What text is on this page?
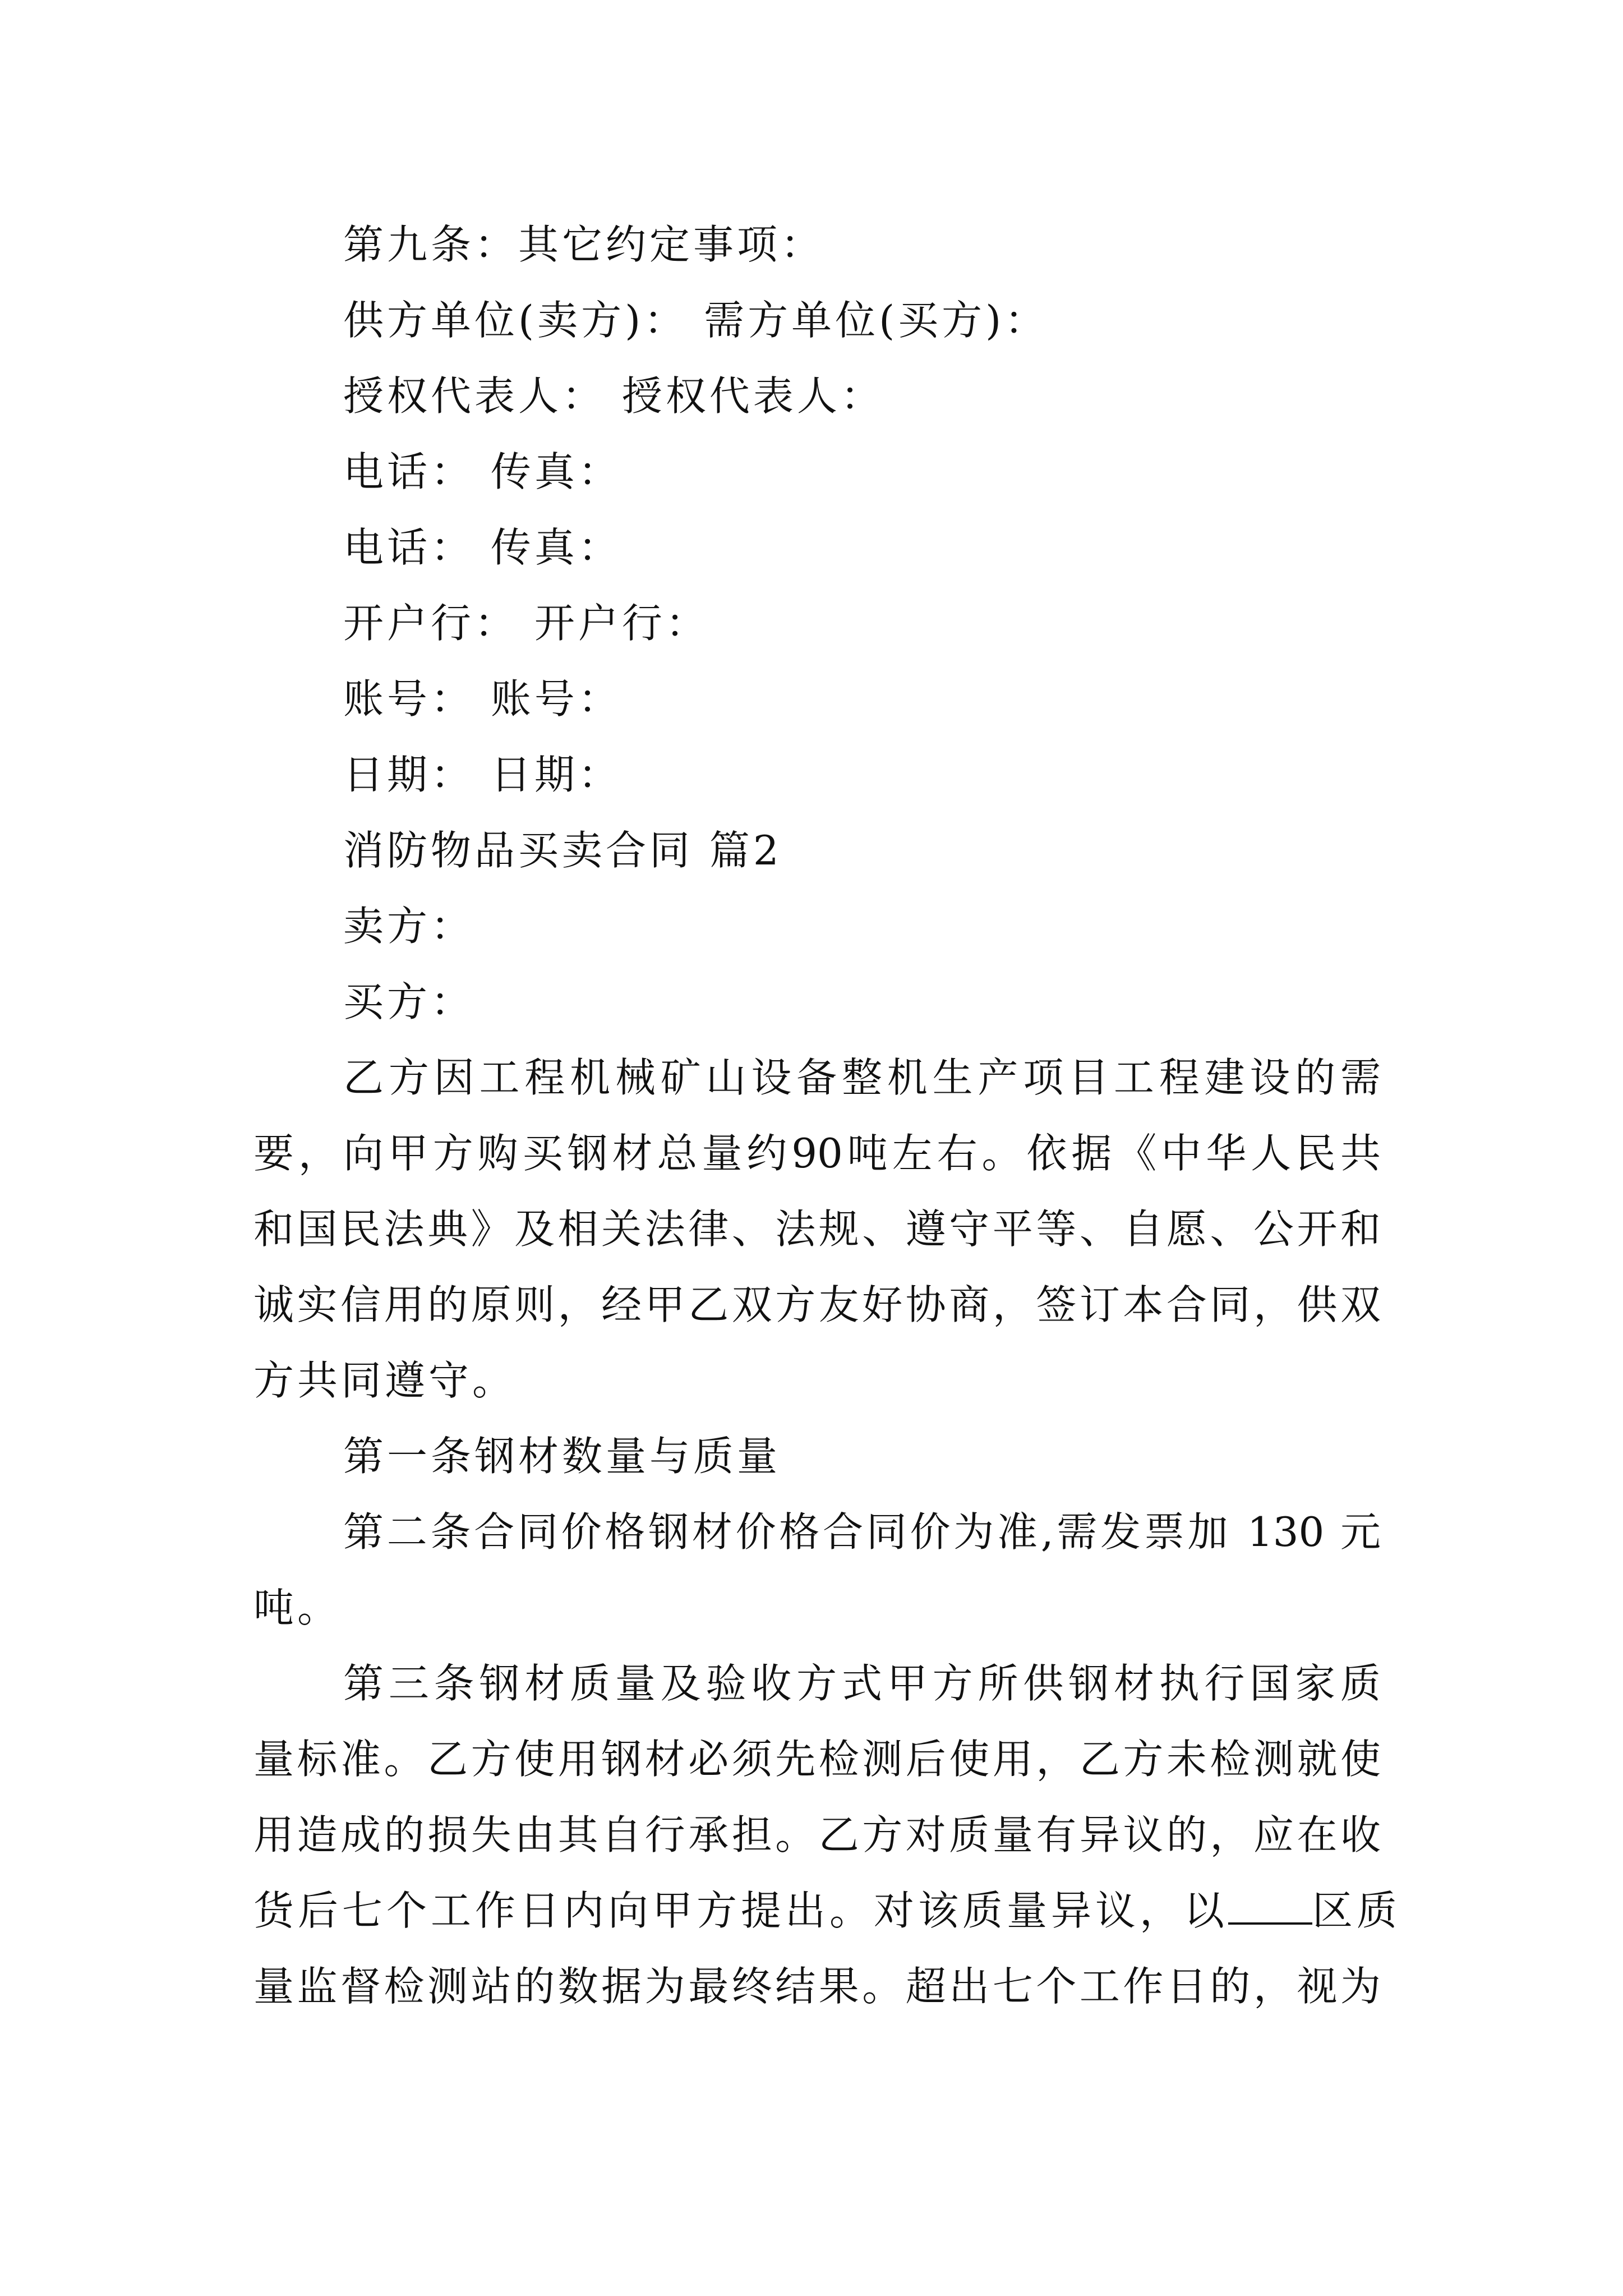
第九条：其它约定事项：
供方单位(卖方)： 需方单位(买方)：
授权代表人： 授权代表人：
电话： 传真：
电话： 传真：
开户行： 开户行：
账号： 账号：
日期： 日期：
消防物品买卖合同 篇2
卖方：
买方：
乙方因工程机械矿山设备整机生产项目工程建设的需
要，向甲方购买钢材总量约90吨左右。依据《中华人民共
和国民法典》及相关法律、法规、遵守平等、自愿、公开和
诚实信用的原则，经甲乙双方友好协商，签订本合同，供双
方共同遵守。
第一条钢材数量与质量
第二条合同价格钢材价格合同价为准,需发票加 130 元
吨。
第三条钢材质量及验收方式甲方所供钢材执行国家质
量标准。乙方使用钢材必须先检测后使用，乙方未检测就使
用造成的损失由其自行承担。乙方对质量有异议的，应在收
货后七个工作日内向甲方提出。对该质量异议，以 区质
量监督检测站的数据为最终结果。超出七个工作日的，视为
